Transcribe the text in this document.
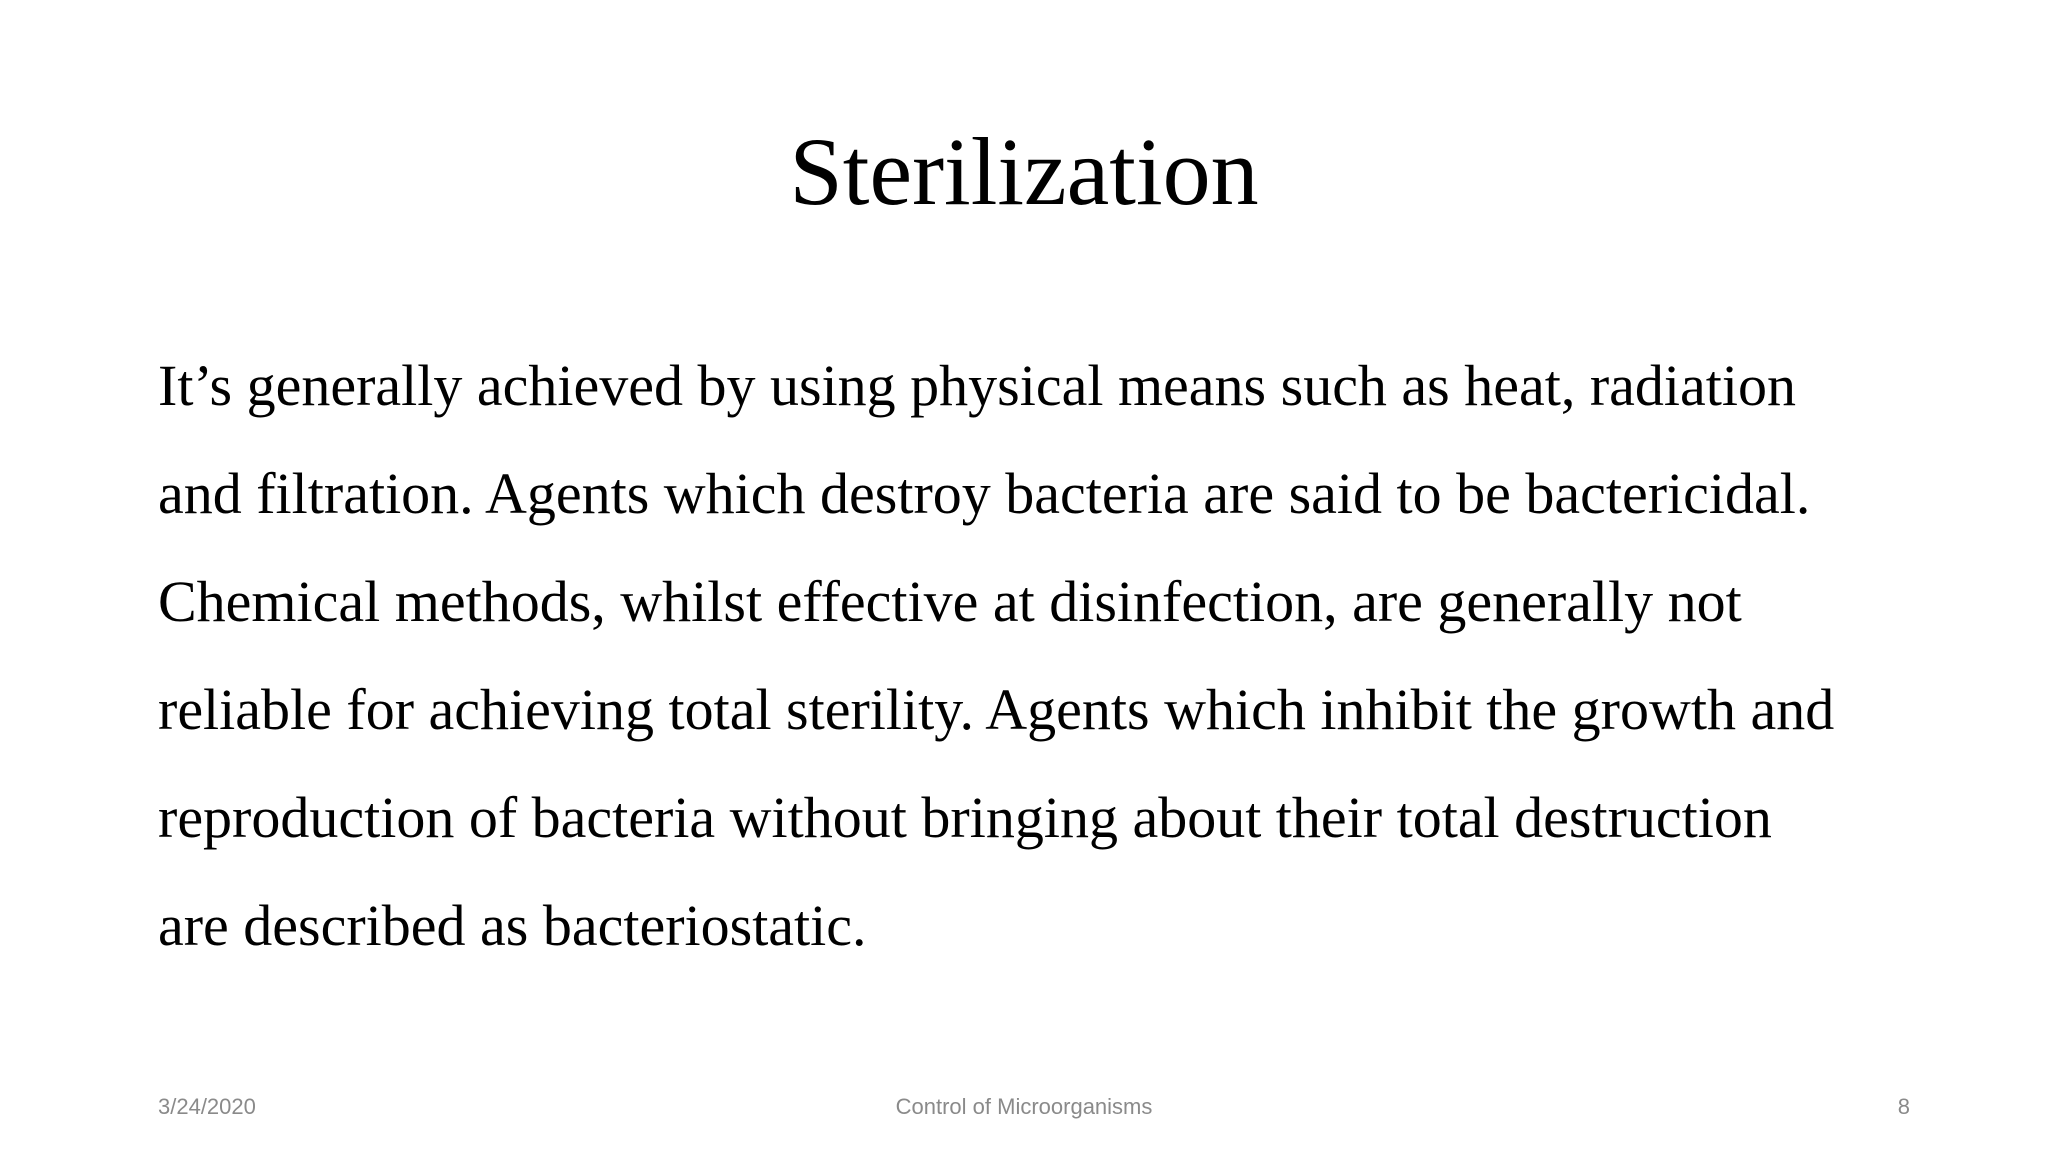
Sterilization
It’s generally achieved by using physical means such as heat, radiation
and filtration. Agents which destroy bacteria are said to be bactericidal.
Chemical methods, whilst effective at disinfection, are generally not
reliable for achieving total sterility. Agents which inhibit the growth and
reproduction of bacteria without bringing about their total destruction
are described as bacteriostatic.
3/24/2020	Control of Microorganisms	8
